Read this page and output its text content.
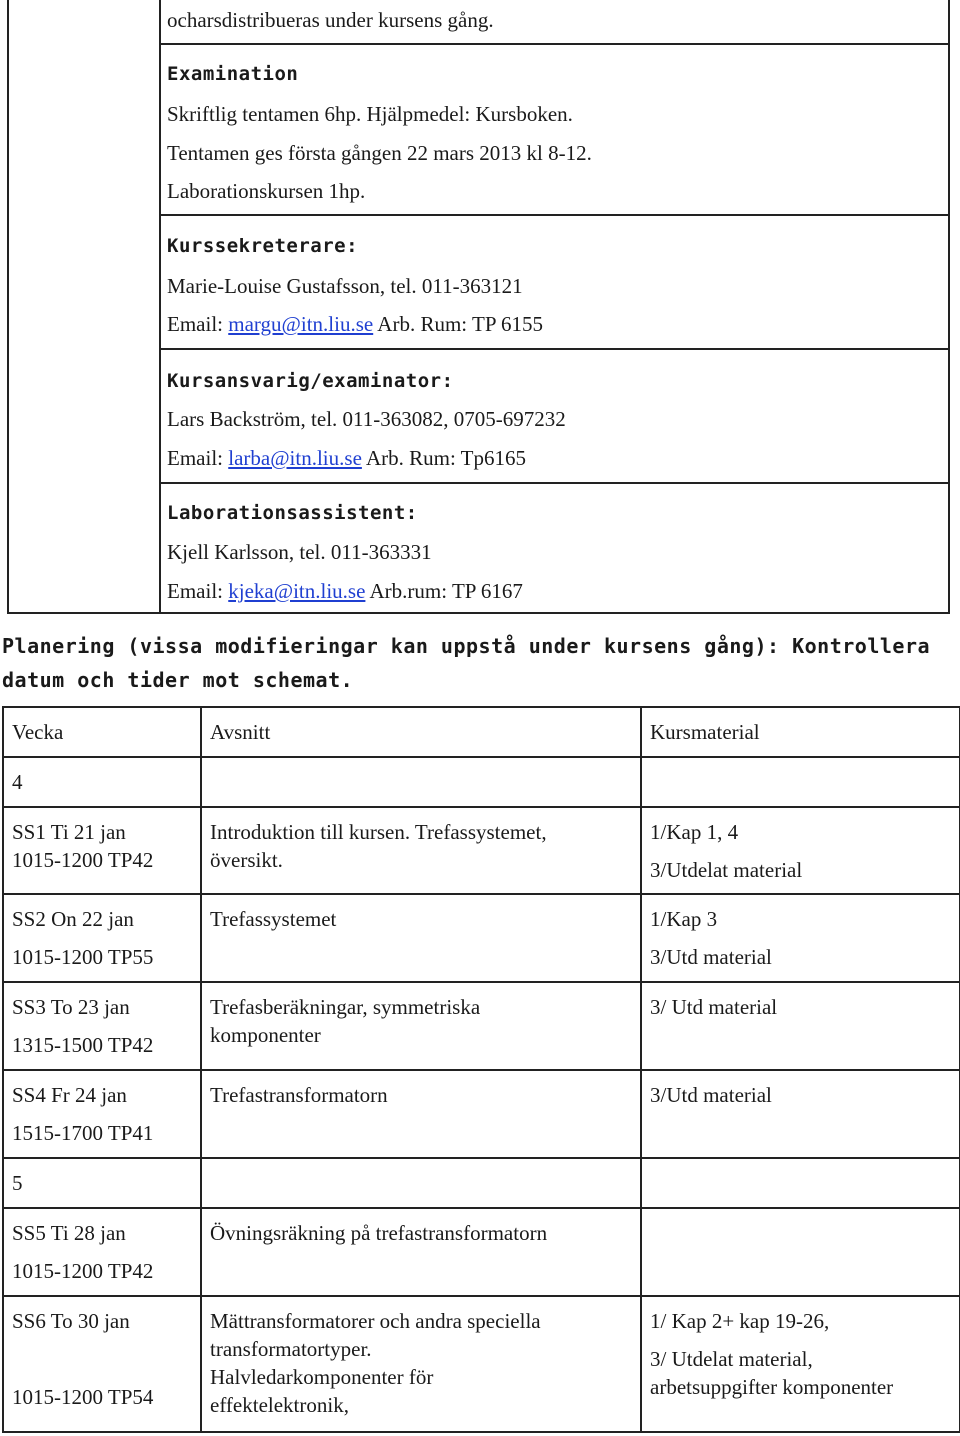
ocharsdistribueras under kursens gång.
Examination
Skriftlig tentamen 6hp. Hjälpmedel: Kursboken.
Tentamen ges första gången 22 mars 2013 kl 8-12.
Laborationskursen 1hp.
Kurssekreterare:
Marie-Louise Gustafsson, tel. 011-363121
Email: margu@itn.liu.se Arb. Rum: TP 6155
Kursansvarig/examinator:
Lars Backström, tel. 011-363082, 0705-697232
Email: larba@itn.liu.se Arb. Rum: Tp6165
Laborationsassistent:
Kjell Karlsson, tel. 011-363331
Email: kjeka@itn.liu.se Arb.rum: TP 6167
Planering (vissa modifieringar kan uppstå under kursens gång): Kontrollera
datum och tider mot schemat.
Vecka	Avsnitt	Kursmaterial

4		

SS1 Ti 21 jan
1015-1200 TP42	Introduktion till kursen. Trefassystemet,
översikt.	1/Kap 1, 4
3/Utdelat material

SS2 On 22 jan
1015-1200 TP55	Trefassystemet	1/Kap 3
3/Utd material

SS3 To 23 jan
1315-1500 TP42	Trefasberäkningar, symmetriska
komponenter	3/ Utd material

SS4 Fr 24 jan
1515-1700 TP41	Trefastransformatorn	3/Utd material

5		

SS5 Ti 28 jan
1015-1200 TP42	Övningsräkning på trefastransformatorn	

SS6 To 30 jan
1015-1200 TP54	Mättransformatorer och andra speciella
transformatortyper.
Halvledarkomponenter för
effektelektronik,	1/ Kap 2+ kap 19-26,
3/ Utdelat material,
arbetsuppgifter komponenter
